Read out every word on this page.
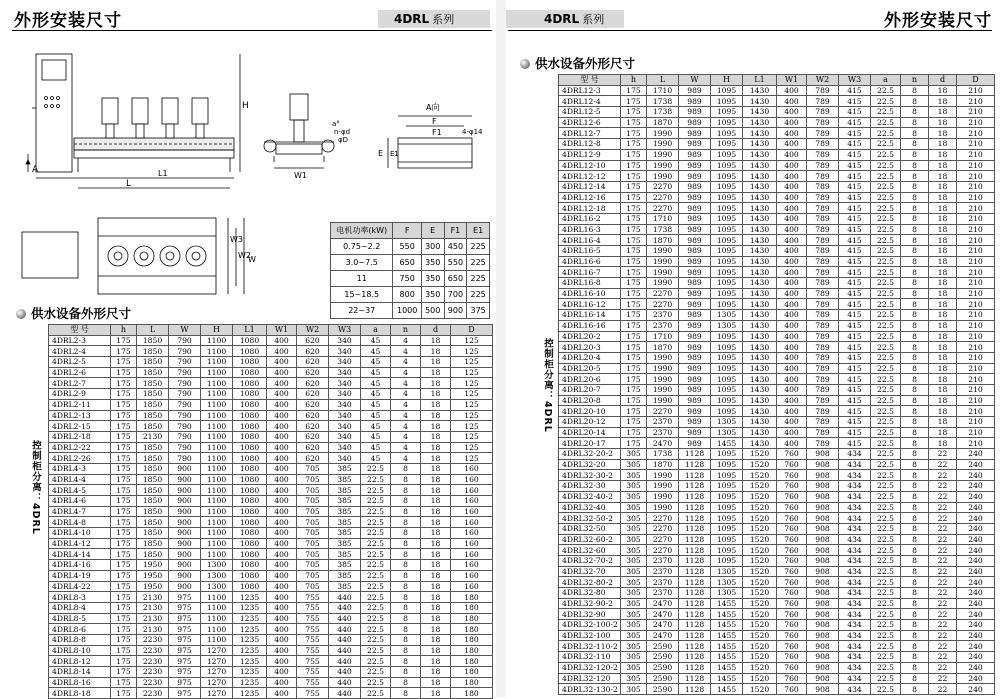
外形安装尺寸	4DRL 系列
H
A
L
L1	W1
a°
n-φd
φD
A向
F
F1	4-φ14
E E1
W3
W2
W
电机功率(kW)	F	E	F1	E1
0.75~2.2	550	300	450	225
3.0~7.5	650	350	550	225
11	750	350	650	225
15~18.5	800	350	700	225
22~37	1000	500	900	375
供水设备外形尺寸
控制柜分离：4DRL
型 号	h	L	W	H	L1	W1	W2	W3	a	n	d	D
4DRL2-3	175	1850	790	1100	1080	400	620	340	45	4	18	125
4DRL2-4	175	1850	790	1100	1080	400	620	340	45	4	18	125
4DRL2-5	175	1850	790	1100	1080	400	620	340	45	4	18	125
4DRL2-6	175	1850	790	1100	1080	400	620	340	45	4	18	125
4DRL2-7	175	1850	790	1100	1080	400	620	340	45	4	18	125
4DRL2-9	175	1850	790	1100	1080	400	620	340	45	4	18	125
4DRL2-11	175	1850	790	1100	1080	400	620	340	45	4	18	125
4DRL2-13	175	1850	790	1100	1080	400	620	340	45	4	18	125
4DRL2-15	175	1850	790	1100	1080	400	620	340	45	4	18	125
4DRL2-18	175	2130	790	1100	1080	400	620	340	45	4	18	125
4DRL2-22	175	1850	790	1100	1080	400	620	340	45	4	18	125
4DRL2-26	175	1850	790	1100	1080	400	620	340	45	4	18	125
4DRL4-3	175	1850	900	1100	1080	400	705	385	22.5	8	18	160
4DRL4-4	175	1850	900	1100	1080	400	705	385	22.5	8	18	160
4DRL4-5	175	1850	900	1100	1080	400	705	385	22.5	8	18	160
4DRL4-6	175	1850	900	1100	1080	400	705	385	22.5	8	18	160
4DRL4-7	175	1850	900	1100	1080	400	705	385	22.5	8	18	160
4DRL4-8	175	1850	900	1100	1080	400	705	385	22.5	8	18	160
4DRL4-10	175	1850	900	1100	1080	400	705	385	22.5	8	18	160
4DRL4-12	175	1850	900	1100	1080	400	705	385	22.5	8	18	160
4DRL4-14	175	1850	900	1100	1080	400	705	385	22.5	8	18	160
4DRL4-16	175	1950	900	1300	1080	400	705	385	22.5	8	18	160
4DRL4-19	175	1950	900	1300	1080	400	705	385	22.5	8	18	160
4DRL4-22	175	1950	900	1300	1080	400	705	385	22.5	8	18	160
4DRL8-3	175	2130	975	1100	1235	400	755	440	22.5	8	18	180
4DRL8-4	175	2130	975	1100	1235	400	755	440	22.5	8	18	180
4DRL8-5	175	2130	975	1100	1235	400	755	440	22.5	8	18	180
4DRL8-6	175	2130	975	1100	1235	400	755	440	22.5	8	18	180
4DRL8-8	175	2230	975	1100	1235	400	755	440	22.5	8	18	180
4DRL8-10	175	2230	975	1270	1235	400	755	440	22.5	8	18	180
4DRL8-12	175	2230	975	1270	1235	400	755	440	22.5	8	18	180
4DRL8-14	175	2230	975	1270	1235	400	755	440	22.5	8	18	180
4DRL8-16	175	2230	975	1270	1235	400	755	440	22.5	8	18	180
4DRL8-18	175	2230	975	1270	1235	400	755	440	22.5	8	18	180
4DRL 系列	外形安装尺寸
供水设备外形尺寸
控制柜分离：4DRL
型 号	h	L	W	H	L1	W1	W2	W3	a	n	d	D
4DRL12-3	175	1710	989	1095	1430	400	789	415	22.5	8	18	210
4DRL12-4	175	1738	989	1095	1430	400	789	415	22.5	8	18	210
4DRL12-5	175	1738	989	1095	1430	400	789	415	22.5	8	18	210
4DRL12-6	175	1870	989	1095	1430	400	789	415	22.5	8	18	210
4DRL12-7	175	1990	989	1095	1430	400	789	415	22.5	8	18	210
4DRL12-8	175	1990	989	1095	1430	400	789	415	22.5	8	18	210
4DRL12-9	175	1990	989	1095	1430	400	789	415	22.5	8	18	210
4DRL12-10	175	1990	989	1095	1430	400	789	415	22.5	8	18	210
4DRL12-12	175	1990	989	1095	1430	400	789	415	22.5	8	18	210
4DRL12-14	175	2270	989	1095	1430	400	789	415	22.5	8	18	210
4DRL12-16	175	2270	989	1095	1430	400	789	415	22.5	8	18	210
4DRL12-18	175	2270	989	1095	1430	400	789	415	22.5	8	18	210
4DRL16-2	175	1710	989	1095	1430	400	789	415	22.5	8	18	210
4DRL16-3	175	1738	989	1095	1430	400	789	415	22.5	8	18	210
4DRL16-4	175	1870	989	1095	1430	400	789	415	22.5	8	18	210
4DRL16-5	175	1990	989	1095	1430	400	789	415	22.5	8	18	210
4DRL16-6	175	1990	989	1095	1430	400	789	415	22.5	8	18	210
4DRL16-7	175	1990	989	1095	1430	400	789	415	22.5	8	18	210
4DRL16-8	175	1990	989	1095	1430	400	789	415	22.5	8	18	210
4DRL16-10	175	2270	989	1095	1430	400	789	415	22.5	8	18	210
4DRL16-12	175	2270	989	1095	1430	400	789	415	22.5	8	18	210
4DRL16-14	175	2370	989	1305	1430	400	789	415	22.5	8	18	210
4DRL16-16	175	2370	989	1305	1430	400	789	415	22.5	8	18	210
4DRL20-2	175	1710	989	1095	1430	400	789	415	22.5	8	18	210
4DRL20-3	175	1870	989	1095	1430	400	789	415	22.5	8	18	210
4DRL20-4	175	1990	989	1095	1430	400	789	415	22.5	8	18	210
4DRL20-5	175	1990	989	1095	1430	400	789	415	22.5	8	18	210
4DRL20-6	175	1990	989	1095	1430	400	789	415	22.5	8	18	210
4DRL20-7	175	1990	989	1095	1430	400	789	415	22.5	8	18	210
4DRL20-8	175	1990	989	1095	1430	400	789	415	22.5	8	18	210
4DRL20-10	175	2270	989	1095	1430	400	789	415	22.5	8	18	210
4DRL20-12	175	2370	989	1305	1430	400	789	415	22.5	8	18	210
4DRL20-14	175	2370	989	1305	1430	400	789	415	22.5	8	18	210
4DRL20-17	175	2470	989	1455	1430	400	789	415	22.5	8	18	210
4DRL32-20-2	305	1738	1128	1095	1520	760	908	434	22.5	8	22	240
4DRL32-20	305	1870	1128	1095	1520	760	908	434	22.5	8	22	240
4DRL32-30-2	305	1990	1128	1095	1520	760	908	434	22.5	8	22	240
4DRL32-30	305	1990	1128	1095	1520	760	908	434	22.5	8	22	240
4DRL32-40-2	305	1990	1128	1095	1520	760	908	434	22.5	8	22	240
4DRL32-40	305	1990	1128	1095	1520	760	908	434	22.5	8	22	240
4DRL32-50-2	305	2270	1128	1095	1520	760	908	434	22.5	8	22	240
4DRL32-50	305	2270	1128	1095	1520	760	908	434	22.5	8	22	240
4DRL32-60-2	305	2270	1128	1095	1520	760	908	434	22.5	8	22	240
4DRL32-60	305	2270	1128	1095	1520	760	908	434	22.5	8	22	240
4DRL32-70-2	305	2370	1128	1095	1520	760	908	434	22.5	8	22	240
4DRL32-70	305	2370	1128	1305	1520	760	908	434	22.5	8	22	240
4DRL32-80-2	305	2370	1128	1305	1520	760	908	434	22.5	8	22	240
4DRL32-80	305	2370	1128	1305	1520	760	908	434	22.5	8	22	240
4DRL32-90-2	305	2470	1128	1455	1520	760	908	434	22.5	8	22	240
4DRL32-90	305	2470	1128	1455	1520	760	908	434	22.5	8	22	240
4DRL32-100-2	305	2470	1128	1455	1520	760	908	434	22.5	8	22	240
4DRL32-100	305	2470	1128	1455	1520	760	908	434	22.5	8	22	240
4DRL32-110-2	305	2590	1128	1455	1520	760	908	434	22.5	8	22	240
4DRL32-110	305	2590	1128	1455	1520	760	908	434	22.5	8	22	240
4DRL32-120-2	305	2590	1128	1455	1520	760	908	434	22.5	8	22	240
4DRL32-120	305	2590	1128	1455	1520	760	908	434	22.5	8	22	240
4DRL32-130-2	305	2590	1128	1455	1520	760	908	434	22.5	8	22	240
